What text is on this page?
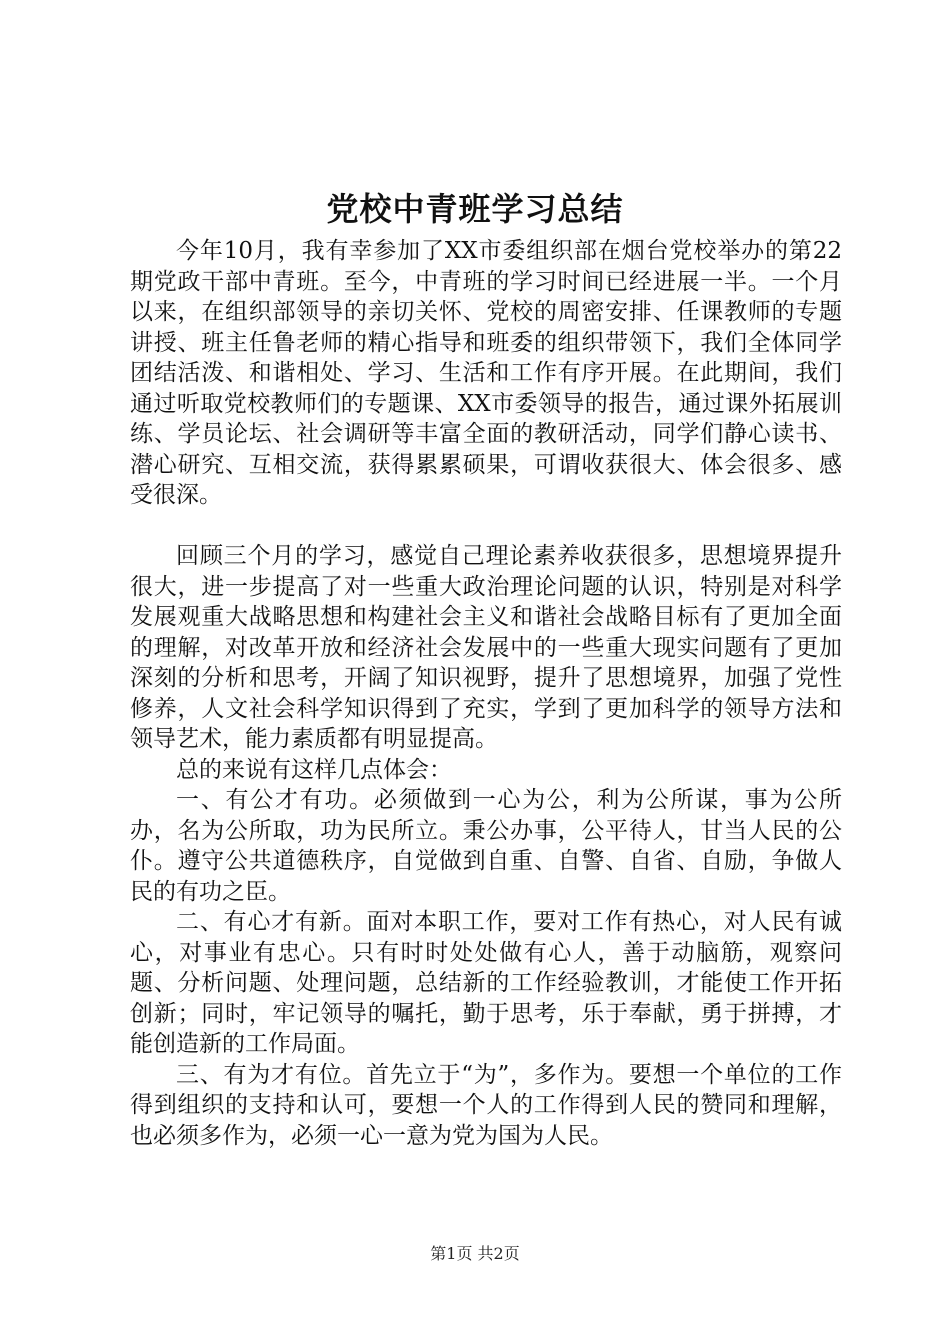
党校中青班学习总结

今年10月，我有幸参加了XX市委组织部在烟台党校举办的第22期党政干部中青班。至今，中青班的学习时间已经进展一半。一个月以来，在组织部领导的亲切关怀、党校的周密安排、任课教师的专题讲授、班主任鲁老师的精心指导和班委的组织带领下，我们全体同学团结活泼、和谐相处、学习、生活和工作有序开展。在此期间，我们通过听取党校教师们的专题课、XX市委领导的报告，通过课外拓展训练、学员论坛、社会调研等丰富全面的教研活动，同学们静心读书、潜心研究、互相交流，获得累累硕果，可谓收获很大、体会很多、感受很深。

回顾三个月的学习，感觉自己理论素养收获很多，思想境界提升很大，进一步提高了对一些重大政治理论问题的认识，特别是对科学发展观重大战略思想和构建社会主义和谐社会战略目标有了更加全面的理解，对改革开放和经济社会发展中的一些重大现实问题有了更加深刻的分析和思考，开阔了知识视野，提升了思想境界，加强了党性修养，人文社会科学知识得到了充实，学到了更加科学的领导方法和领导艺术，能力素质都有明显提高。

总的来说有这样几点体会：

一、有公才有功。必须做到一心为公，利为公所谋，事为公所办，名为公所取，功为民所立。秉公办事，公平待人，甘当人民的公仆。遵守公共道德秩序，自觉做到自重、自警、自省、自励，争做人民的有功之臣。

二、有心才有新。面对本职工作，要对工作有热心，对人民有诚心，对事业有忠心。只有时时处处做有心人，善于动脑筋，观察问题、分析问题、处理问题，总结新的工作经验教训，才能使工作开拓创新；同时，牢记领导的嘱托，勤于思考，乐于奉献，勇于拼搏，才能创造新的工作局面。

三、有为才有位。首先立于“为”，多作为。要想一个单位的工作得到组织的支持和认可，要想一个人的工作得到人民的赞同和理解，也必须多作为，必须一心一意为党为国为人民。

第1页 共2页
